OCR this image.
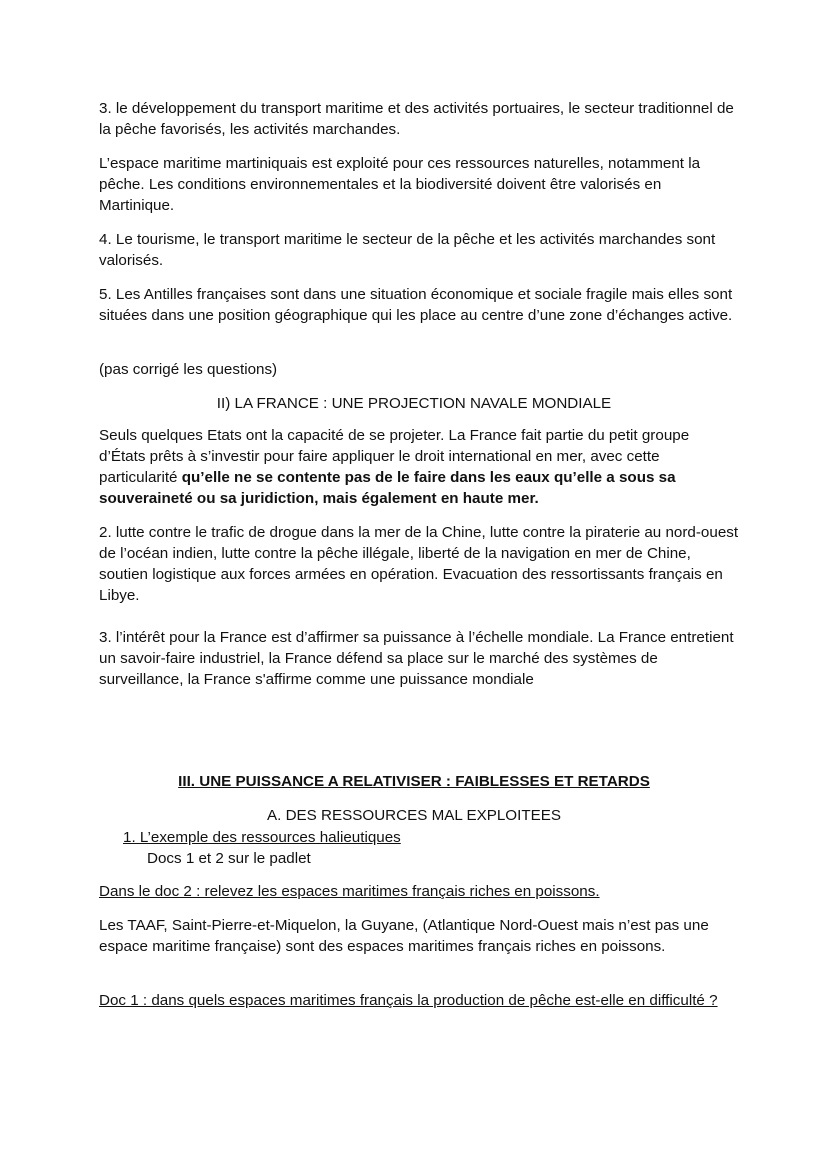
3. le développement du transport maritime et des activités portuaires, le secteur traditionnel de la pêche favorisés, les activités marchandes.

L’espace maritime martiniquais est exploité pour ces ressources naturelles, notamment la pêche. Les conditions environnementales et la biodiversité doivent être valorisés en Martinique.

4. Le tourisme, le transport maritime le secteur de la pêche et les activités marchandes sont valorisés.

5. Les Antilles françaises sont dans une situation économique et sociale fragile mais elles sont situées dans une position géographique qui les place au centre d’une zone d’échanges active.

(pas corrigé les questions)

II) LA FRANCE : UNE PROJECTION NAVALE MONDIALE

Seuls quelques Etats ont la capacité de se projeter. La France fait partie du petit groupe d’États prêts à s’investir pour faire appliquer le droit international en mer, avec cette particularité qu’elle ne se contente pas de le faire dans les eaux qu’elle a sous sa souveraineté ou sa juridiction, mais également en haute mer.

2. lutte contre le trafic de drogue dans la mer de la Chine, lutte contre la piraterie au nord-ouest de l’océan indien, lutte contre la pêche illégale, liberté de la navigation en mer de Chine, soutien logistique aux forces armées en opération. Evacuation des ressortissants français en Libye.

3. l’intérêt pour la France est d’affirmer sa puissance à l’échelle mondiale. La France entretient un savoir-faire industriel, la France défend sa place sur le marché des systèmes de surveillance, la France s'affirme comme une puissance mondiale

III. UNE PUISSANCE A RELATIVISER : FAIBLESSES ET RETARDS

A. DES RESSOURCES MAL EXPLOITEES

1. L’exemple des ressources halieutiques

Docs 1 et 2 sur le padlet

Dans le doc 2 : relevez les espaces maritimes français riches en poissons.

Les TAAF, Saint-Pierre-et-Miquelon, la Guyane, (Atlantique Nord-Ouest mais n’est pas une espace maritime française) sont des espaces maritimes français riches en poissons.

Doc 1 : dans quels espaces maritimes français la production de pêche est-elle en difficulté ?
